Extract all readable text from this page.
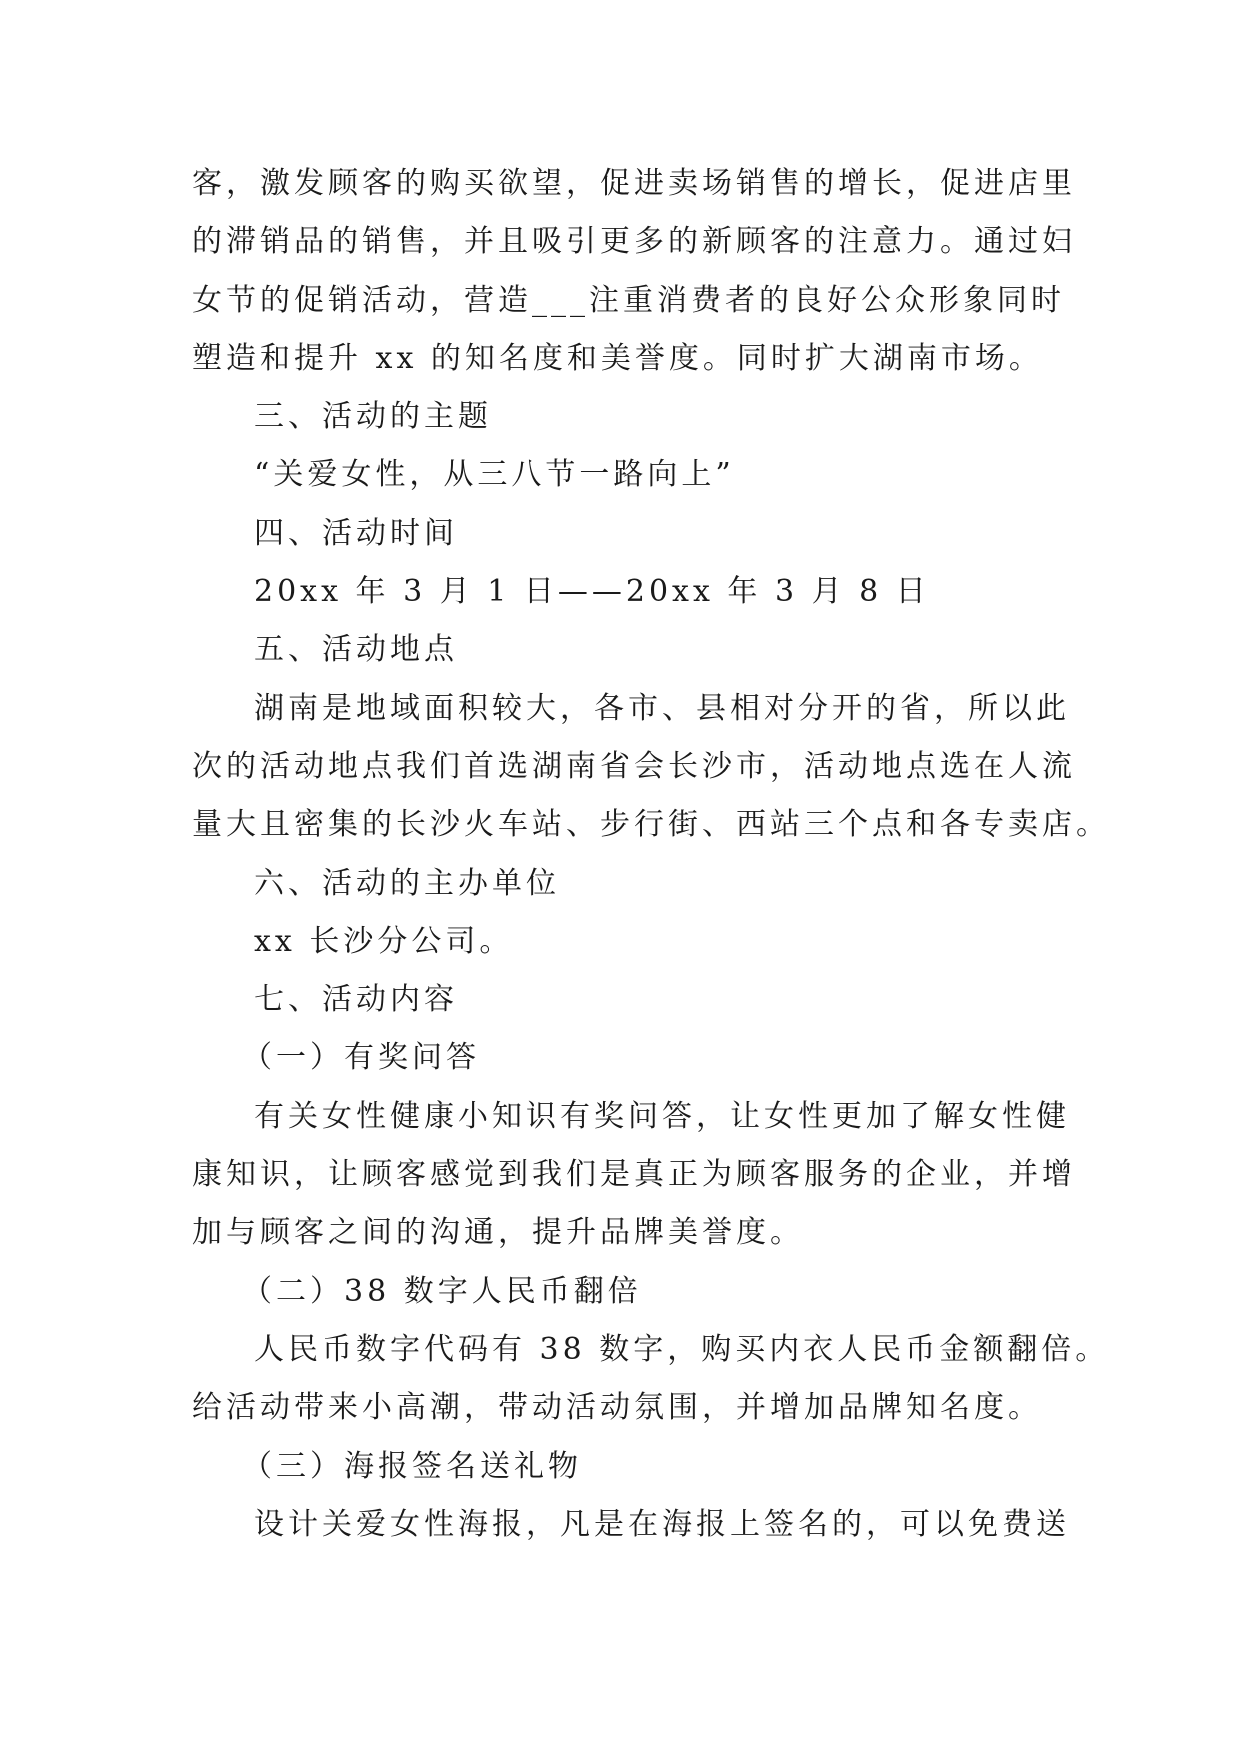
客，激发顾客的购买欲望，促进卖场销售的增长，促进店里
的滞销品的销售，并且吸引更多的新顾客的注意力。通过妇
女节的促销活动，营造___注重消费者的良好公众形象同时
塑造和提升 xx 的知名度和美誉度。同时扩大湖南市场。
三、活动的主题
“关爱女性，从三八节一路向上”
四、活动时间
20xx 年 3 月 1 日——20xx 年 3 月 8 日
五、活动地点
湖南是地域面积较大，各市、县相对分开的省，所以此
次的活动地点我们首选湖南省会长沙市，活动地点选在人流
量大且密集的长沙火车站、步行街、西站三个点和各专卖店。
六、活动的主办单位
xx 长沙分公司。
七、活动内容
（一）有奖问答
有关女性健康小知识有奖问答，让女性更加了解女性健
康知识，让顾客感觉到我们是真正为顾客服务的企业，并增
加与顾客之间的沟通，提升品牌美誉度。
（二）38 数字人民币翻倍
人民币数字代码有 38 数字，购买内衣人民币金额翻倍。
给活动带来小高潮，带动活动氛围，并增加品牌知名度。
（三）海报签名送礼物
设计关爱女性海报，凡是在海报上签名的，可以免费送
